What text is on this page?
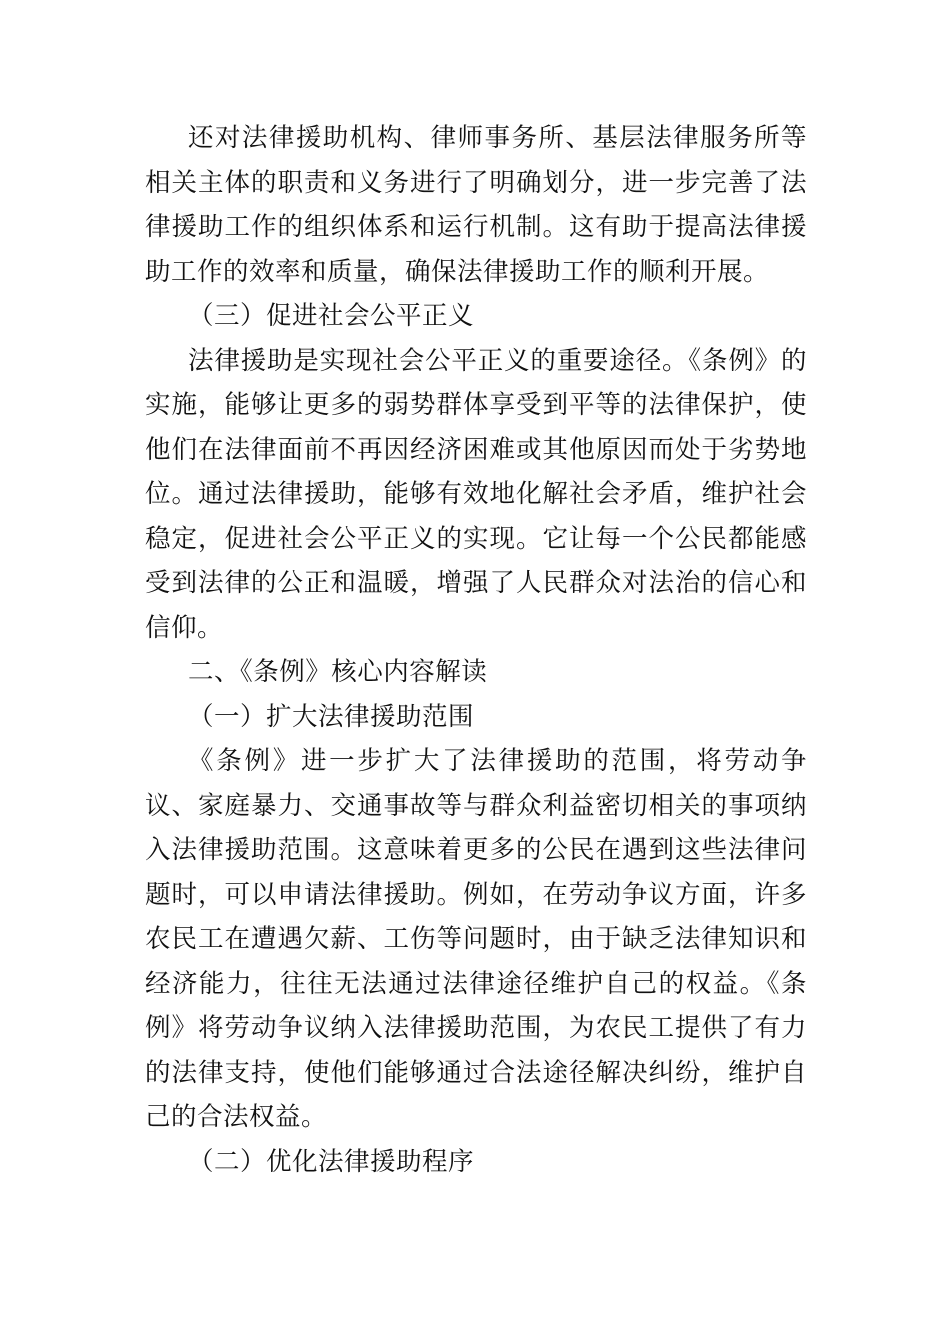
还对法律援助机构、律师事务所、基层法律服务所等相关主体的职责和义务进行了明确划分，进一步完善了法律援助工作的组织体系和运行机制。这有助于提高法律援助工作的效率和质量，确保法律援助工作的顺利开展。

（三）促进社会公平正义

法律援助是实现社会公平正义的重要途径。《条例》的实施，能够让更多的弱势群体享受到平等的法律保护，使他们在法律面前不再因经济困难或其他原因而处于劣势地位。通过法律援助，能够有效地化解社会矛盾，维护社会稳定，促进社会公平正义的实现。它让每一个公民都能感受到法律的公正和温暖，增强了人民群众对法治的信心和信仰。

二、《条例》核心内容解读

（一）扩大法律援助范围

《条例》进一步扩大了法律援助的范围，将劳动争议、家庭暴力、交通事故等与群众利益密切相关的事项纳入法律援助范围。这意味着更多的公民在遇到这些法律问题时，可以申请法律援助。例如，在劳动争议方面，许多农民工在遭遇欠薪、工伤等问题时，由于缺乏法律知识和经济能力，往往无法通过法律途径维护自己的权益。《条例》将劳动争议纳入法律援助范围，为农民工提供了有力的法律支持，使他们能够通过合法途径解决纠纷，维护自己的合法权益。

（二）优化法律援助程序
